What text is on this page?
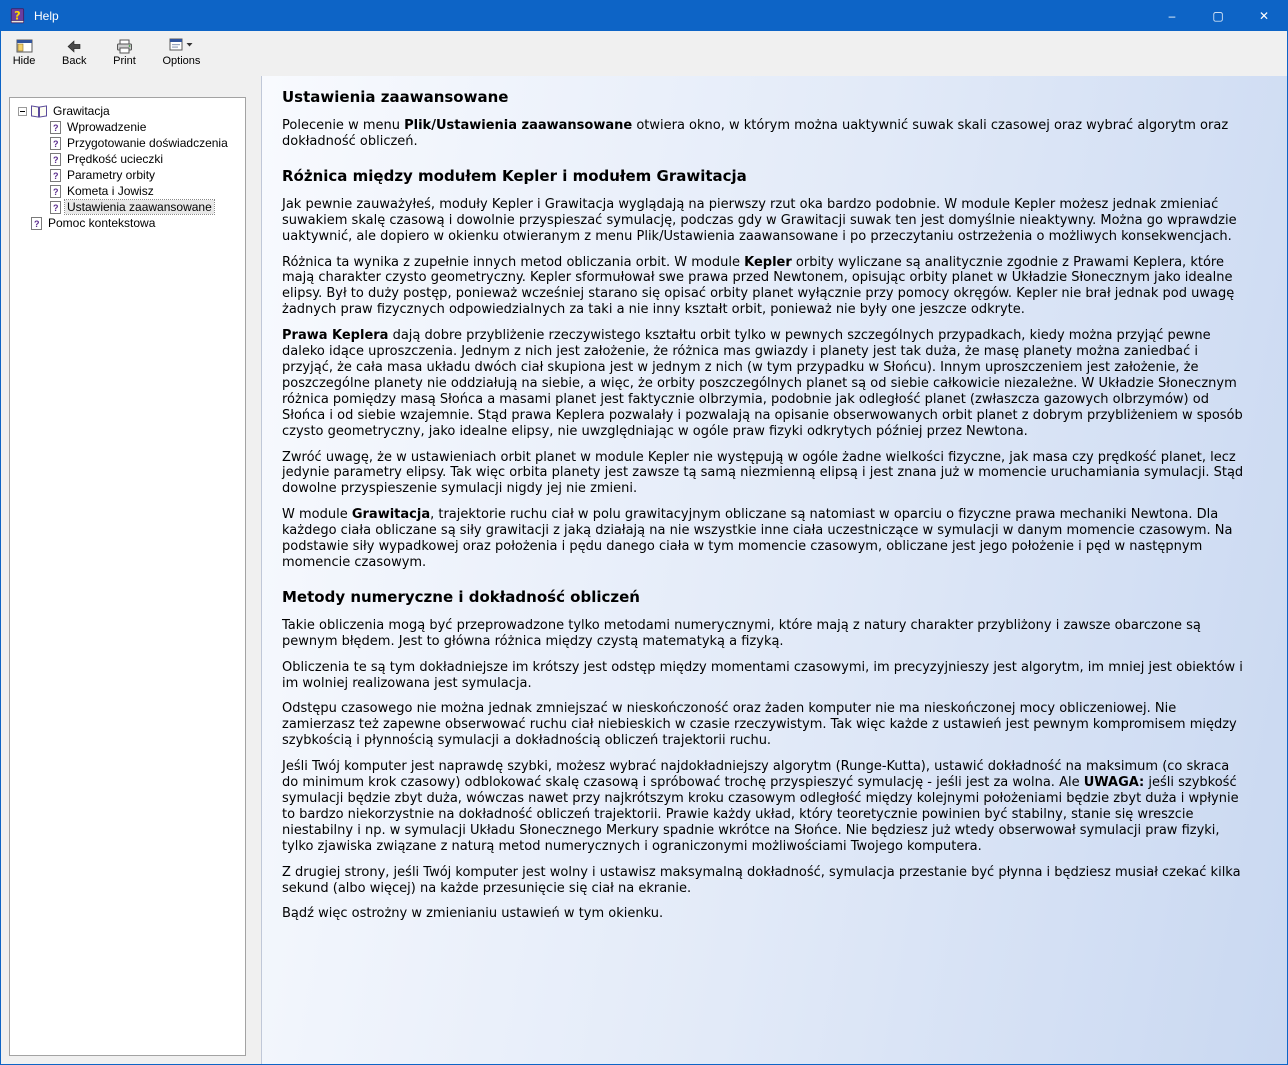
? Help	–	▢	✕
Hide Back Print Options
Grawitacja
?
Wprowadzenie
?
Przygotowanie doświadczenia
?
Prędkość ucieczki
?
Parametry orbity
?
Kometa i Jowisz
?
Ustawienia zaawansowane
?
Pomoc kontekstowa
Ustawienia zaawansowane

Polecenie w menu Plik/Ustawienia zaawansowane otwiera okno, w którym można uaktywnić suwak skali czasowej oraz wybrać algorytm oraz dokładność obliczeń.

Różnica między modułem Kepler i modułem Grawitacja

Jak pewnie zauważyłeś, moduły Kepler i Grawitacja wyglądają na pierwszy rzut oka bardzo podobnie. W module Kepler możesz jednak zmieniać suwakiem skalę czasową i dowolnie przyspieszać symulację, podczas gdy w Grawitacji suwak ten jest domyślnie nieaktywny. Można go wprawdzie uaktywnić, ale dopiero w okienku otwieranym z menu Plik/Ustawienia zaawansowane i po przeczytaniu ostrzeżenia o możliwych konsekwencjach.

Różnica ta wynika z zupełnie innych metod obliczania orbit. W module Kepler orbity wyliczane są analitycznie zgodnie z Prawami Keplera, które mają charakter czysto geometryczny. Kepler sformułował swe prawa przed Newtonem, opisując orbity planet w Układzie Słonecznym jako idealne elipsy. Był to duży postęp, ponieważ wcześniej starano się opisać orbity planet wyłącznie przy pomocy okręgów. Kepler nie brał jednak pod uwagę żadnych praw fizycznych odpowiedzialnych za taki a nie inny kształt orbit, ponieważ nie były one jeszcze odkryte.

Prawa Keplera dają dobre przybliżenie rzeczywistego kształtu orbit tylko w pewnych szczególnych przypadkach, kiedy można przyjąć pewne daleko idące uproszczenia. Jednym z nich jest założenie, że różnica mas gwiazdy i planety jest tak duża, że masę planety można zaniedbać i przyjąć, że cała masa układu dwóch ciał skupiona jest w jednym z nich (w tym przypadku w Słońcu). Innym uproszczeniem jest założenie, że poszczególne planety nie oddziałują na siebie, a więc, że orbity poszczególnych planet są od siebie całkowicie niezależne. W Układzie Słonecznym różnica pomiędzy masą Słońca a masami planet jest faktycznie olbrzymia, podobnie jak odległość planet (zwłaszcza gazowych olbrzymów) od Słońca i od siebie wzajemnie. Stąd prawa Keplera pozwalały i pozwalają na opisanie obserwowanych orbit planet z dobrym przybliżeniem w sposób czysto geometryczny, jako idealne elipsy, nie uwzględniając w ogóle praw fizyki odkrytych później przez Newtona.

Zwróć uwagę, że w ustawieniach orbit planet w module Kepler nie występują w ogóle żadne wielkości fizyczne, jak masa czy prędkość planet, lecz jedynie parametry elipsy. Tak więc orbita planety jest zawsze tą samą niezmienną elipsą i jest znana już w momencie uruchamiania symulacji. Stąd dowolne przyspieszenie symulacji nigdy jej nie zmieni.

W module Grawitacja, trajektorie ruchu ciał w polu grawitacyjnym obliczane są natomiast w oparciu o fizyczne prawa mechaniki Newtona. Dla każdego ciała obliczane są siły grawitacji z jaką działają na nie wszystkie inne ciała uczestniczące w symulacji w danym momencie czasowym. Na podstawie siły wypadkowej oraz położenia i pędu danego ciała w tym momencie czasowym, obliczane jest jego położenie i pęd w następnym momencie czasowym.

Metody numeryczne i dokładność obliczeń

Takie obliczenia mogą być przeprowadzone tylko metodami numerycznymi, które mają z natury charakter przybliżony i zawsze obarczone są pewnym błędem. Jest to główna różnica między czystą matematyką a fizyką.

Obliczenia te są tym dokładniejsze im krótszy jest odstęp między momentami czasowymi, im precyzyjnieszy jest algorytm, im mniej jest obiektów i im wolniej realizowana jest symulacja.

Odstępu czasowego nie można jednak zmniejszać w nieskończoność oraz żaden komputer nie ma nieskończonej mocy obliczeniowej. Nie zamierzasz też zapewne obserwować ruchu ciał niebieskich w czasie rzeczywistym. Tak więc każde z ustawień jest pewnym kompromisem między szybkością i płynnością symulacji a dokładnością obliczeń trajektorii ruchu.

Jeśli Twój komputer jest naprawdę szybki, możesz wybrać najdokładniejszy algorytm (Runge-Kutta), ustawić dokładność na maksimum (co skraca do minimum krok czasowy) odblokować skalę czasową i spróbować trochę przyspieszyć symulację - jeśli jest za wolna. Ale UWAGA: jeśli szybkość symulacji będzie zbyt duża, wówczas nawet przy najkrótszym kroku czasowym odległość między kolejnymi położeniami będzie zbyt duża i wpłynie to bardzo niekorzystnie na dokładność obliczeń trajektorii. Prawie każdy układ, który teoretycznie powinien być stabilny, stanie się wreszcie niestabilny i np. w symulacji Układu Słonecznego Merkury spadnie wkrótce na Słońce. Nie będziesz już wtedy obserwował symulacji praw fizyki, tylko zjawiska związane z naturą metod numerycznych i ograniczonymi możliwościami Twojego komputera.

Z drugiej strony, jeśli Twój komputer jest wolny i ustawisz maksymalną dokładność, symulacja przestanie być płynna i będziesz musiał czekać kilka sekund (albo więcej) na każde przesunięcie się ciał na ekranie.

Bądź więc ostrożny w zmienianiu ustawień w tym okienku.
